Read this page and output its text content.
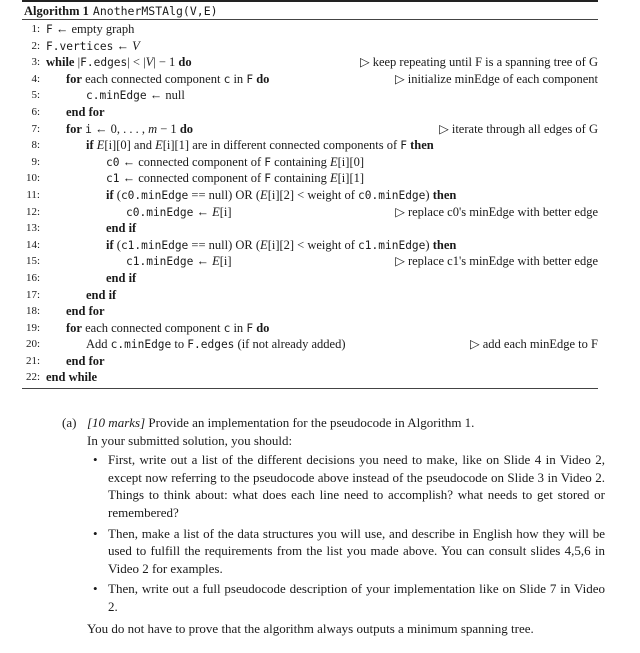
Algorithm 1 AnotherMSTAlg(V,E)
1: F ← empty graph
2: F.vertices ← V
3: while |F.edges| < |V| − 1 do	▷ keep repeating until F is a spanning tree of G
4: for each connected component c in F do	▷ initialize minEdge of each component
5:	c.minEdge ← null
6: end for
7: for i ← 0, . . . , m − 1 do	▷ iterate through all edges of G
8:	if E[i][0] and E[i][1] are in different connected components of F then
9:	c0 ← connected component of F containing E[i][0]
10:	c1 ← connected component of F containing E[i][1]
11:	if (c0.minEdge == null) OR (E[i][2] < weight of c0.minEdge) then
12:	c0.minEdge ← E[i]	▷ replace c0's minEdge with better edge
13:	end if
14:	if (c1.minEdge == null) OR (E[i][2] < weight of c1.minEdge) then
15:	c1.minEdge ← E[i]	▷ replace c1's minEdge with better edge
16:	end if
17:	end if
18: end for
19: for each connected component c in F do
20:	Add c.minEdge to F.edges (if not already added)	▷ add each minEdge to F
21: end for
22: end while
(a) [10 marks] Provide an implementation for the pseudocode in Algorithm 1.
In your submitted solution, you should:
• First, write out a list of the different decisions you need to make, like on Slide 4 in Video 2, except now referring to the pseudocode above instead of the pseudocode on Slide 3 in Video 2. Things to think about: what does each line need to accomplish? what needs to get stored or remembered?
• Then, make a list of the data structures you will use, and describe in English how they will be used to fulfill the requirements from the list you made above. You can consult slides 4,5,6 in Video 2 for examples.
• Then, write out a full pseudocode description of your implementation like on Slide 7 in Video 2.
You do not have to prove that the algorithm always outputs a minimum spanning tree.
